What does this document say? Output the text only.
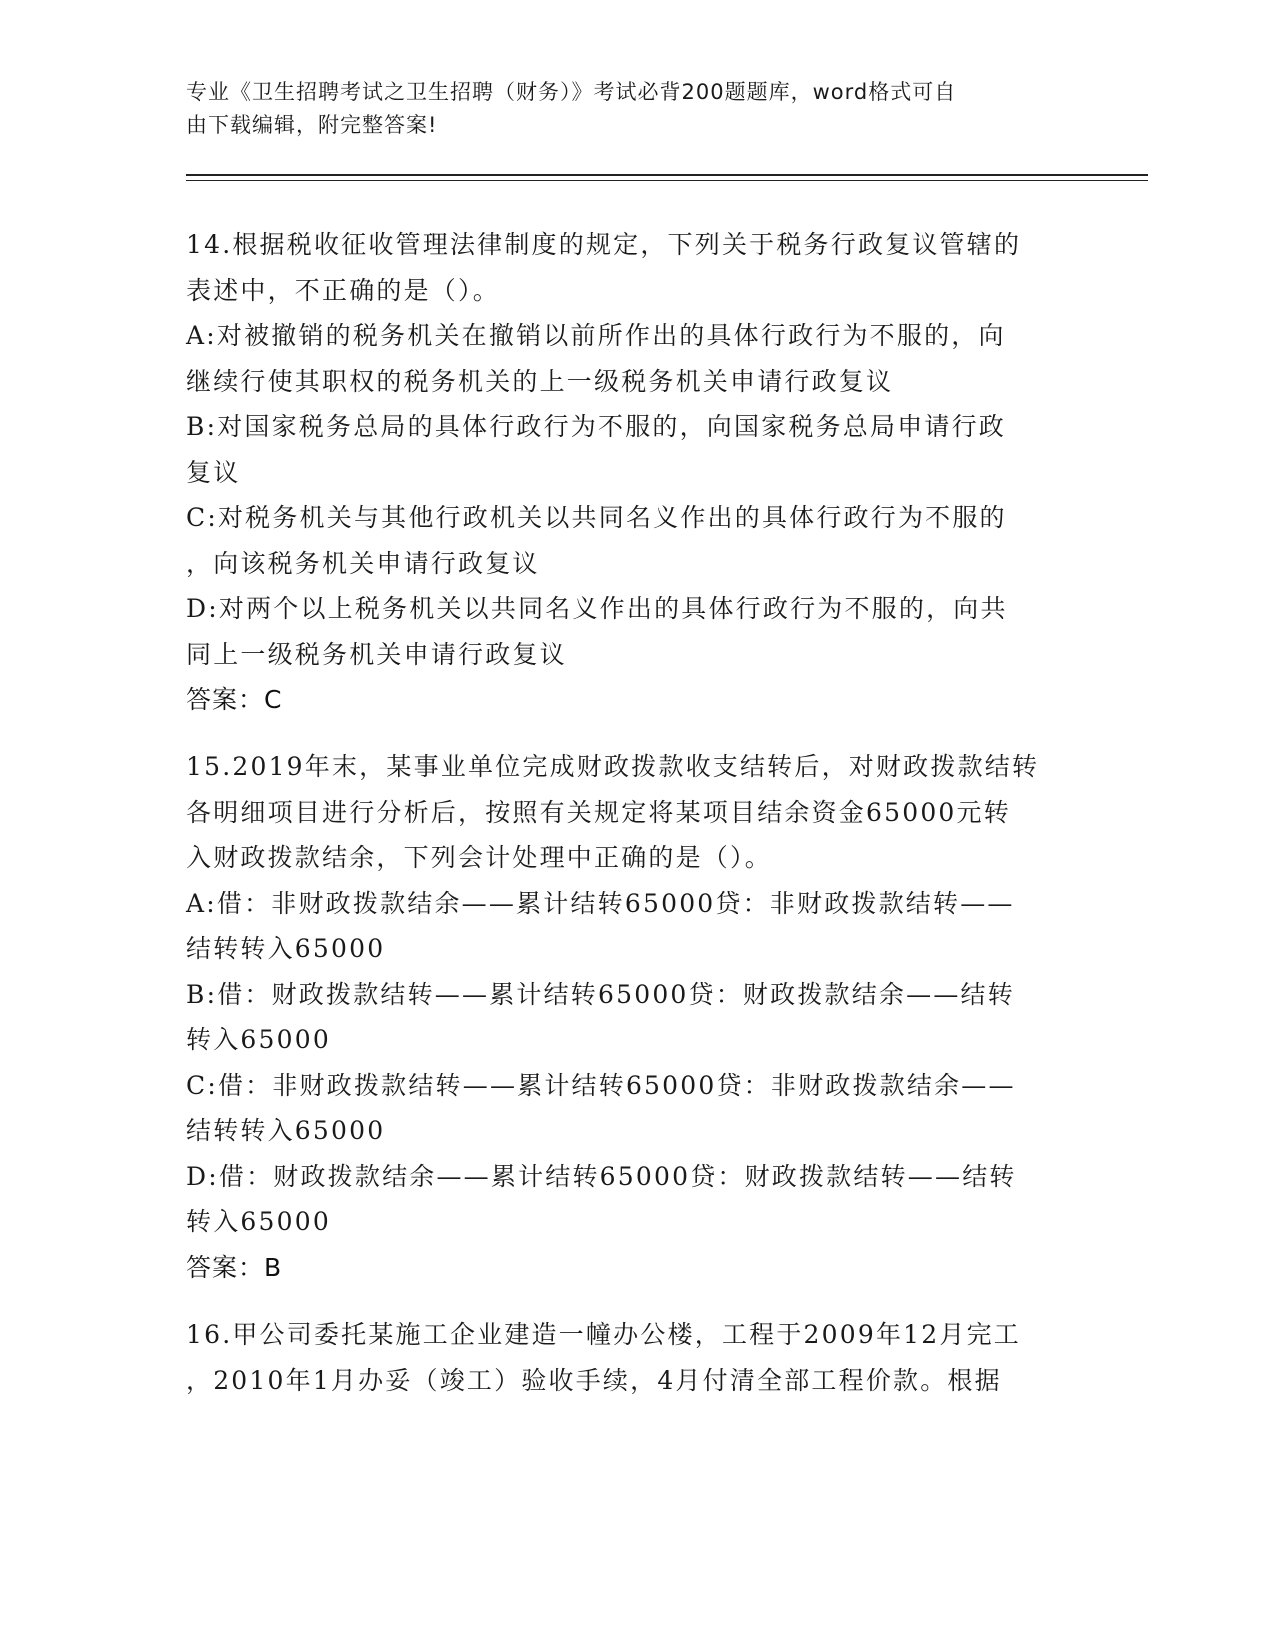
专业《卫生招聘考试之卫生招聘（财务）》考试必背200题题库，word格式可自
由下载编辑，附完整答案!
14.根据税收征收管理法律制度的规定，下列关于税务行政复议管辖的
表述中，不正确的是（）。
A:对被撤销的税务机关在撤销以前所作出的具体行政行为不服的，向
继续行使其职权的税务机关的上一级税务机关申请行政复议
B:对国家税务总局的具体行政行为不服的，向国家税务总局申请行政
复议
C:对税务机关与其他行政机关以共同名义作出的具体行政行为不服的
，向该税务机关申请行政复议
D:对两个以上税务机关以共同名义作出的具体行政行为不服的，向共
同上一级税务机关申请行政复议
答案：C
15.2019年末，某事业单位完成财政拨款收支结转后，对财政拨款结转
各明细项目进行分析后，按照有关规定将某项目结余资金65000元转
入财政拨款结余，下列会计处理中正确的是（）。
A:借：非财政拨款结余——累计结转65000贷：非财政拨款结转——
结转转入65000
B:借：财政拨款结转——累计结转65000贷：财政拨款结余——结转
转入65000
C:借：非财政拨款结转——累计结转65000贷：非财政拨款结余——
结转转入65000
D:借：财政拨款结余——累计结转65000贷：财政拨款结转——结转
转入65000
答案：B
16.甲公司委托某施工企业建造一幢办公楼，工程于2009年12月完工
，2010年1月办妥（竣工）验收手续，4月付清全部工程价款。根据
